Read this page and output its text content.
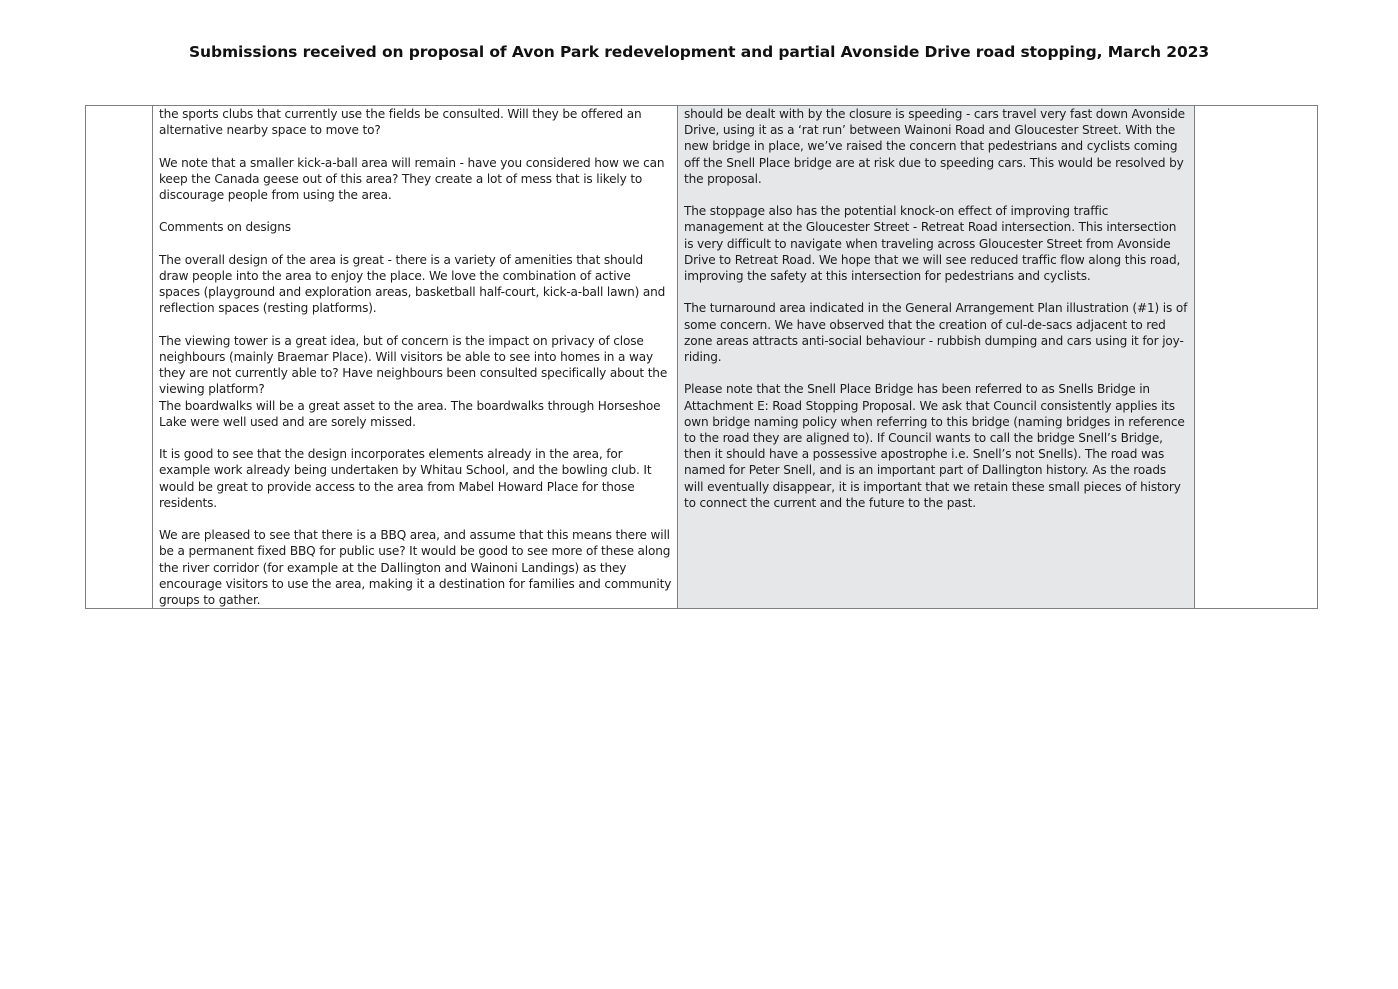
Submissions received on proposal of Avon Park redevelopment and partial Avonside Drive road stopping, March 2023

the sports clubs that currently use the fields be consulted. Will they be offered an alternative nearby space to move to?

We note that a smaller kick-a-ball area will remain - have you considered how we can keep the Canada geese out of this area? They create a lot of mess that is likely to discourage people from using the area.

Comments on designs

The overall design of the area is great - there is a variety of amenities that should draw people into the area to enjoy the place. We love the combination of active spaces (playground and exploration areas, basketball half-court, kick-a-ball lawn) and reflection spaces (resting platforms).

The viewing tower is a great idea, but of concern is the impact on privacy of close neighbours (mainly Braemar Place). Will visitors be able to see into homes in a way they are not currently able to? Have neighbours been consulted specifically about the viewing platform?

The boardwalks will be a great asset to the area. The boardwalks through Horseshoe Lake were well used and are sorely missed.

It is good to see that the design incorporates elements already in the area, for example work already being undertaken by Whitau School, and the bowling club. It would be great to provide access to the area from Mabel Howard Place for those residents.

We are pleased to see that there is a BBQ area, and assume that this means there will be a permanent fixed BBQ for public use? It would be good to see more of these along the river corridor (for example at the Dallington and Wainoni Landings) as they encourage visitors to use the area, making it a destination for families and community groups to gather.

should be dealt with by the closure is speeding - cars travel very fast down Avonside Drive, using it as a ‘rat run’ between Wainoni Road and Gloucester Street. With the new bridge in place, we’ve raised the concern that pedestrians and cyclists coming off the Snell Place bridge are at risk due to speeding cars. This would be resolved by the proposal.

The stoppage also has the potential knock-on effect of improving traffic management at the Gloucester Street - Retreat Road intersection. This intersection is very difficult to navigate when traveling across Gloucester Street from Avonside Drive to Retreat Road. We hope that we will see reduced traffic flow along this road, improving the safety at this intersection for pedestrians and cyclists.

The turnaround area indicated in the General Arrangement Plan illustration (#1) is of some concern. We have observed that the creation of cul-de-sacs adjacent to red zone areas attracts anti-social behaviour - rubbish dumping and cars using it for joy-riding.

Please note that the Snell Place Bridge has been referred to as Snells Bridge in Attachment E: Road Stopping Proposal. We ask that Council consistently applies its own bridge naming policy when referring to this bridge (naming bridges in reference to the road they are aligned to). If Council wants to call the bridge Snell’s Bridge, then it should have a possessive apostrophe i.e. Snell’s not Snells). The road was named for Peter Snell, and is an important part of Dallington history. As the roads will eventually disappear, it is important that we retain these small pieces of history to connect the current and the future to the past.
